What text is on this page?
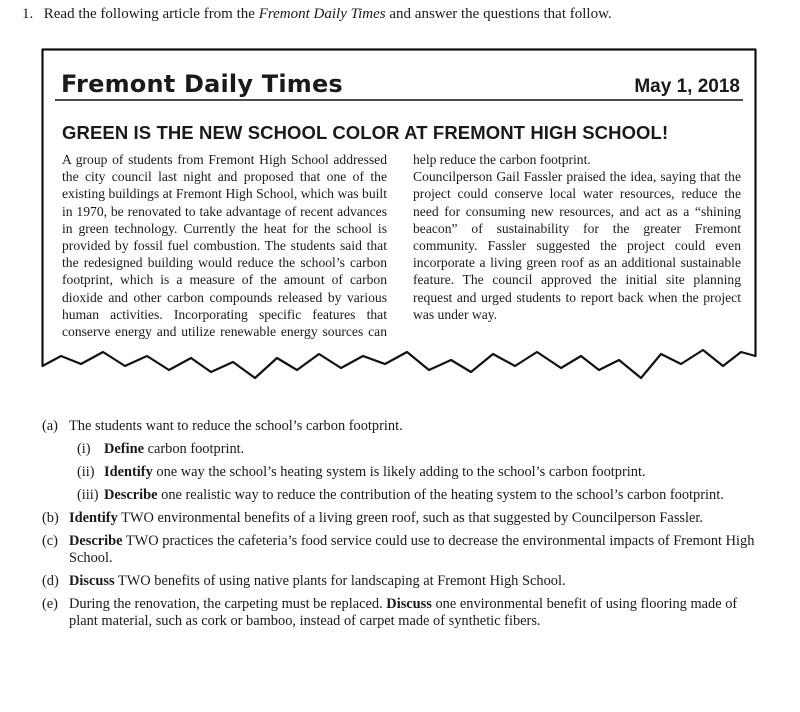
1. Read the following article from the Fremont Daily Times and answer the questions that follow.
Fremont Daily Times	May 1, 2018
GREEN IS THE NEW SCHOOL COLOR AT FREMONT HIGH SCHOOL!

A group of students from Fremont High School addressed the city council last night and proposed that one of the existing buildings at Fremont High School, which was built in 1970, be renovated to take advantage of recent advances in green technology. Currently the heat for the school is provided by fossil fuel combustion. The students said that the redesigned building would reduce the school’s carbon footprint, which is a measure of the amount of carbon dioxide and other carbon compounds released by various human activities. Incorporating specific features that conserve energy and utilize renewable energy sources can

help reduce the carbon footprint.

Councilperson Gail Fassler praised the idea, saying that the project could conserve local water resources, reduce the need for consuming new resources, and act as a “shining beacon” of sustainability for the greater Fremont community. Fassler suggested the project could even incorporate a living green roof as an additional sustainable feature. The council approved the initial site planning request and urged students to report back when the project was under way.

(a) The students want to reduce the school’s carbon footprint.
(i) Define carbon footprint.
(ii) Identify one way the school’s heating system is likely adding to the school’s carbon footprint.
(iii) Describe one realistic way to reduce the contribution of the heating system to the school’s carbon footprint.
(b) Identify TWO environmental benefits of a living green roof, such as that suggested by Councilperson Fassler.
(c) Describe TWO practices the cafeteria’s food service could use to decrease the environmental impacts of Fremont High School.
(d) Discuss TWO benefits of using native plants for landscaping at Fremont High School.
(e) During the renovation, the carpeting must be replaced. Discuss one environmental benefit of using flooring made of plant material, such as cork or bamboo, instead of carpet made of synthetic fibers.
